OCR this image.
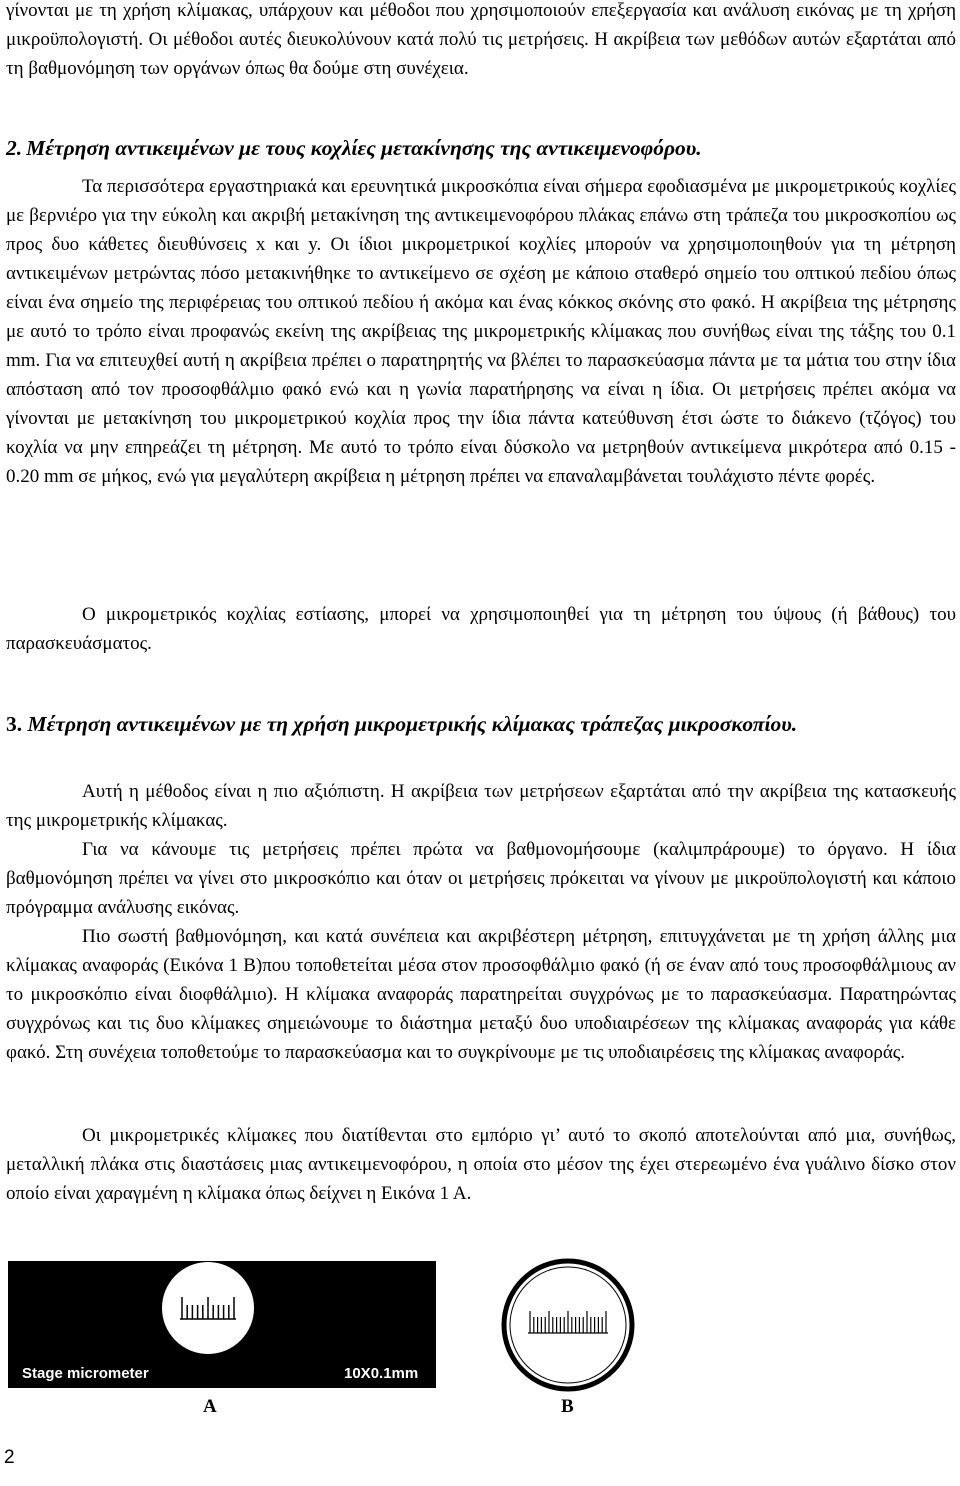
γίνονται με τη χρήση κλίμακας, υπάρχουν και μέθοδοι που χρησιμοποιούν επεξεργασία και ανάλυση εικόνας με τη χρήση μικροϋπολογιστή. Οι μέθοδοι αυτές διευκολύνουν κατά πολύ τις μετρήσεις. Η ακρίβεια των μεθόδων αυτών εξαρτάται από τη βαθμονόμηση των οργάνων όπως θα δούμε στη συνέχεια.

2. Μέτρηση αντικειμένων με τους κοχλίες μετακίνησης της αντικειμενοφόρου.

Τα περισσότερα εργαστηριακά και ερευνητικά μικροσκόπια είναι σήμερα εφοδιασμένα με μικρομετρικούς κοχλίες με βερνιέρο για την εύκολη και ακριβή μετακίνηση της αντικειμενοφόρου πλάκας επάνω στη τράπεζα του μικροσκοπίου ως προς δυο κάθετες διευθύνσεις x και y. Οι ίδιοι μικρομετρικοί κοχλίες μπορούν να χρησιμοποιηθούν για τη μέτρηση αντικειμένων μετρώντας πόσο μετακινήθηκε το αντικείμενο σε σχέση με κάποιο σταθερό σημείο του οπτικού πεδίου όπως είναι ένα σημείο της περιφέρειας του οπτικού πεδίου ή ακόμα και ένας κόκκος σκόνης στο φακό. Η ακρίβεια της μέτρησης με αυτό το τρόπο είναι προφανώς εκείνη της ακρίβειας της μικρομετρικής κλίμακας που συνήθως είναι της τάξης του 0.1 mm. Για να επιτευχθεί αυτή η ακρίβεια πρέπει ο παρατηρητής να βλέπει το παρασκεύασμα πάντα με τα μάτια του στην ίδια απόσταση από τον προσοφθάλμιο φακό ενώ και η γωνία παρατήρησης να είναι η ίδια. Οι μετρήσεις πρέπει ακόμα να γίνονται με μετακίνηση του μικρομετρικού κοχλία προς την ίδια πάντα κατεύθυνση έτσι ώστε το διάκενο (τζόγος) του κοχλία να μην επηρεάζει τη μέτρηση. Με αυτό το τρόπο είναι δύσκολο να μετρηθούν αντικείμενα μικρότερα από 0.15 - 0.20 mm σε μήκος, ενώ για μεγαλύτερη ακρίβεια η μέτρηση πρέπει να επαναλαμβάνεται τουλάχιστο πέντε φορές.

Ο μικρομετρικός κοχλίας εστίασης, μπορεί να χρησιμοποιηθεί για τη μέτρηση του ύψους (ή βάθους) του παρασκευάσματος.

3. Μέτρηση αντικειμένων με τη χρήση μικρομετρικής κλίμακας τράπεζας μικροσκοπίου.

Αυτή η μέθοδος είναι η πιο αξιόπιστη. Η ακρίβεια των μετρήσεων εξαρτάται από την ακρίβεια της κατασκευής της μικρομετρικής κλίμακας.

Για να κάνουμε τις μετρήσεις πρέπει πρώτα να βαθμονομήσουμε (καλιμπράρουμε) το όργανο. Η ίδια βαθμονόμηση πρέπει να γίνει στο μικροσκόπιο και όταν οι μετρήσεις πρόκειται να γίνουν με μικροϋπολογιστή και κάποιο πρόγραμμα ανάλυσης εικόνας.

Πιο σωστή βαθμονόμηση, και κατά συνέπεια και ακριβέστερη μέτρηση, επιτυγχάνεται με τη χρήση άλλης μια κλίμακας αναφοράς (Εικόνα 1 Β)που τοποθετείται μέσα στον προσοφθάλμιο φακό (ή σε έναν από τους προσοφθάλμιους αν το μικροσκόπιο είναι διοφθάλμιο). Η κλίμακα αναφοράς παρατηρείται συγχρόνως με το παρασκεύασμα. Παρατηρώντας συγχρόνως και τις δυο κλίμακες σημειώνουμε το διάστημα μεταξύ δυο υποδιαιρέσεων της κλίμακας αναφοράς για κάθε φακό. Στη συνέχεια τοποθετούμε το παρασκεύασμα και το συγκρίνουμε με τις υποδιαιρέσεις της κλίμακας αναφοράς.

Οι μικρομετρικές κλίμακες που διατίθενται στο εμπόριο γι’ αυτό το σκοπό αποτελούνται από μια, συνήθως, μεταλλική πλάκα στις διαστάσεις μιας αντικειμενοφόρου, η οποία στο μέσον της έχει στερεωμένο ένα γυάλινο δίσκο στον οποίο είναι χαραγμένη η κλίμακα όπως δείχνει η Εικόνα 1 Α.

Stage micrometer	10X0.1mm
Α	Β
2
